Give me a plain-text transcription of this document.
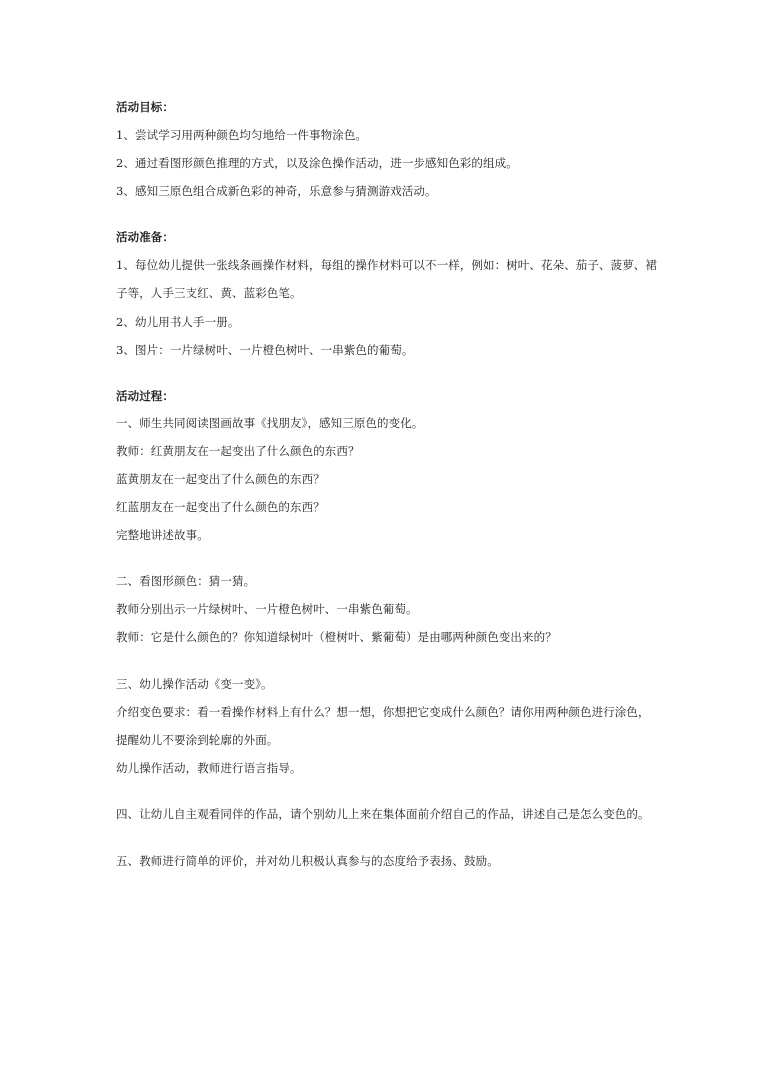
活动目标：
1、尝试学习用两种颜色均匀地给一件事物涂色。
2、通过看图形颜色推理的方式，以及涂色操作活动，进一步感知色彩的组成。
3、感知三原色组合成新色彩的神奇，乐意参与猜测游戏活动。
活动准备：
1、每位幼儿提供一张线条画操作材料，每组的操作材料可以不一样，例如：树叶、花朵、茄子、菠萝、裙
子等，人手三支红、黄、蓝彩色笔。
2、幼儿用书人手一册。
3、图片：一片绿树叶、一片橙色树叶、一串紫色的葡萄。
活动过程：
一、师生共同阅读图画故事《找朋友》，感知三原色的变化。
教师：红黄朋友在一起变出了什么颜色的东西？
蓝黄朋友在一起变出了什么颜色的东西？
红蓝朋友在一起变出了什么颜色的东西？
完整地讲述故事。
二、看图形颜色：猜一猜。
教师分别出示一片绿树叶、一片橙色树叶、一串紫色葡萄。
教师：它是什么颜色的？你知道绿树叶（橙树叶、紫葡萄）是由哪两种颜色变出来的？
三、幼儿操作活动《变一变》。
介绍变色要求：看一看操作材料上有什么？想一想，你想把它变成什么颜色？请你用两种颜色进行涂色，
提醒幼儿不要涂到轮廓的外面。
幼儿操作活动，教师进行语言指导。
四、让幼儿自主观看同伴的作品，请个别幼儿上来在集体面前介绍自己的作品，讲述自己是怎么变色的。
五、教师进行简单的评价，并对幼儿积极认真参与的态度给予表扬、鼓励。
